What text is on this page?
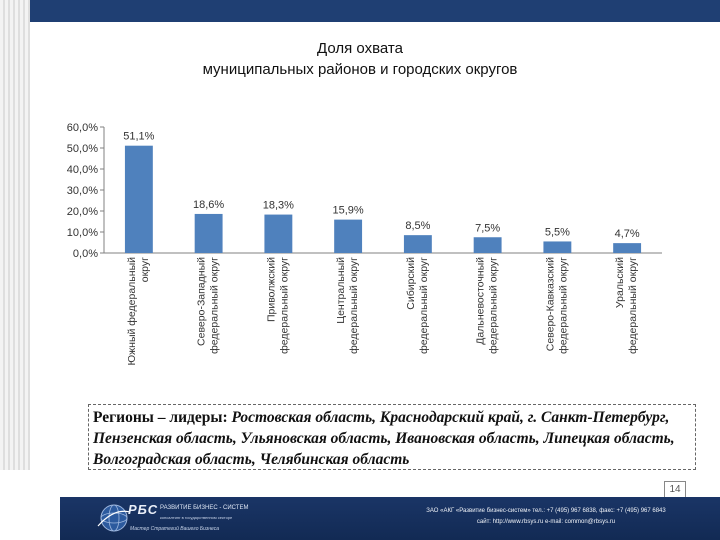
Доля охвата
муниципальных районов и городских округов
0,0%
10,0%
20,0%
30,0%
40,0%
50,0%
60,0%
51,1%
Южный федеральныйокруг
18,6%
Северо-Западныйфедеральный округ
18,3%
Приволжскийфедеральный округ
15,9%
Центральныйфедеральный округ
8,5%
Сибирскийфедеральный округ
7,5%
Дальневосточныйфедеральный округ
5,5%
Северо-Кавказскийфедеральный округ
4,7%
Уральскийфедеральный округ
Регионы – лидеры: Ростовская область, Краснодарский край, г. Санкт-Петербург, Пензенская область, Ульяновская область, Ивановская область, Липецкая область, Волгоградская область, Челябинская область
14
РБС РАЗВИТИЕ БИЗНЕС - СИСТЕМ
консалтинг в государственном секторе
Мастер Стратегий Вашего Бизнеса
ЗАО «АКГ «Развитие бизнес-систем» тел.: +7 (495) 967 6838, факс: +7 (495) 967 6843
сайт: http://www.rbsys.ru e-mail: common@rbsys.ru
